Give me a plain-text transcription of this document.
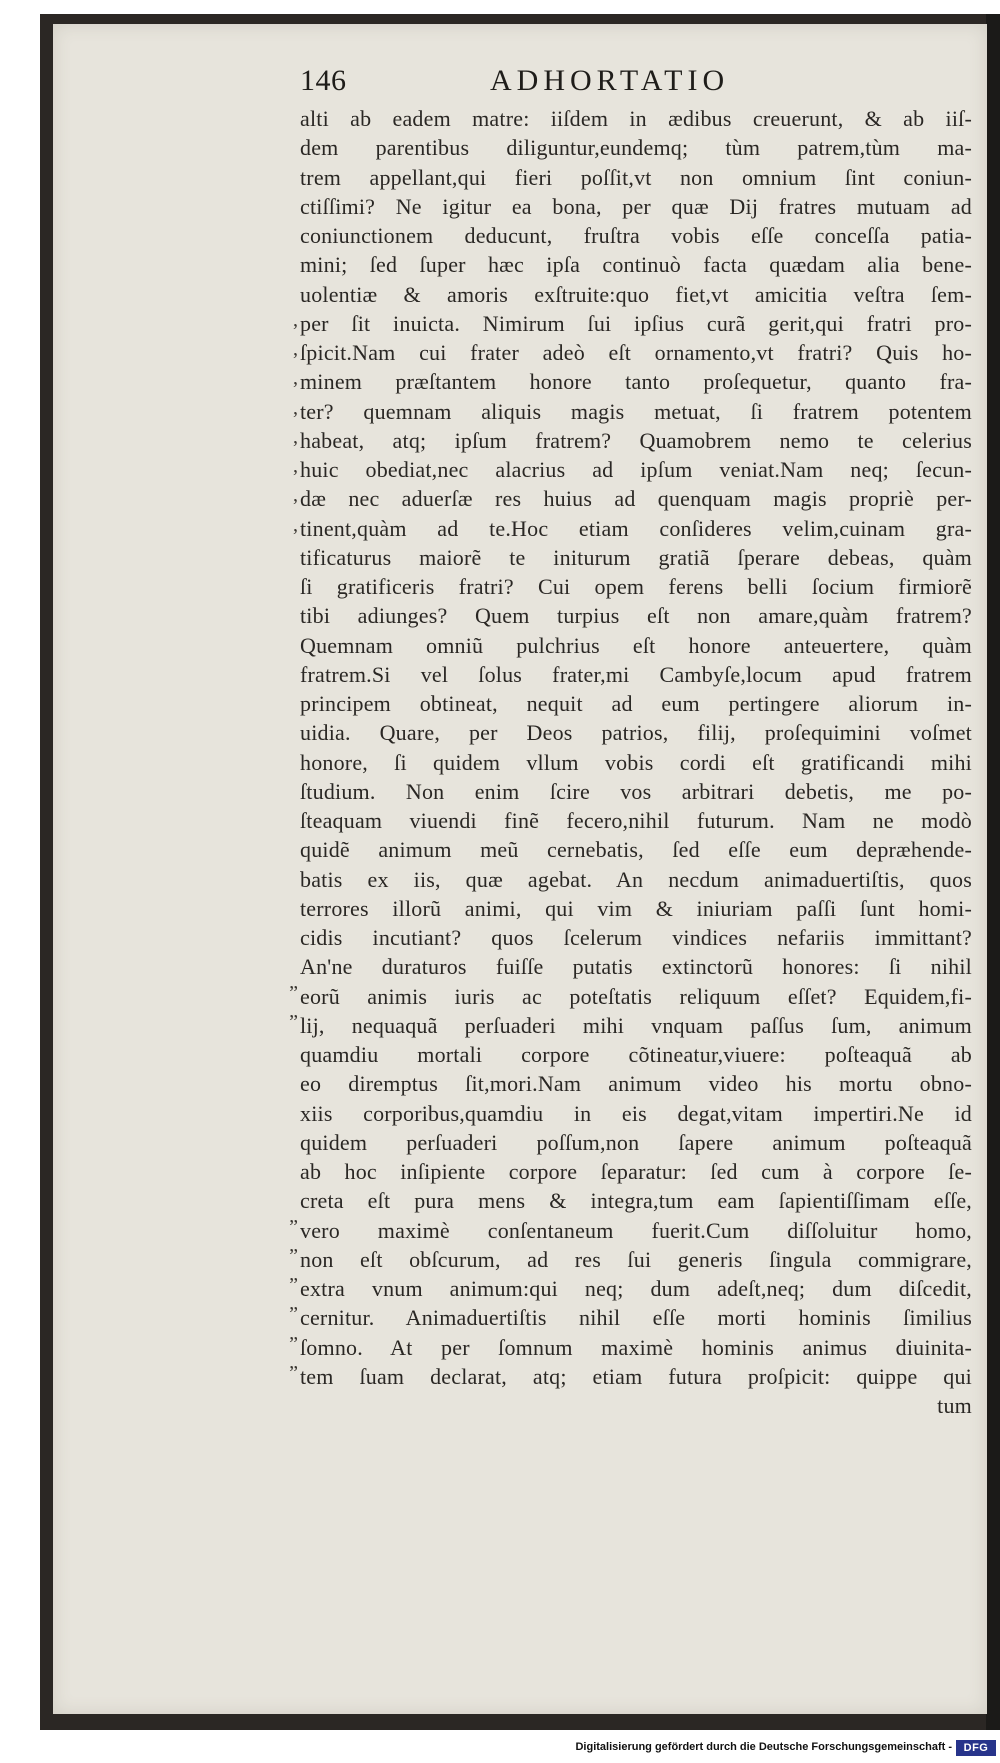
146	ADHORTATIO
,
,
,
,
,
,
,
,
”
”
”
”
”
”
”
”
alti ab eadem matre: iiſdem in ædibus creuerunt, & ab iiſ-
dem parentibus diliguntur,eundemq; tùm patrem,tùm ma-
trem appellant,qui fieri poſſit,vt non omnium ſint coniun-
ctiſſimi? Ne igitur ea bona, per quæ Dij fratres mutuam ad
coniunctionem deducunt, fruſtra vobis eſſe conceſſa patia-
mini; ſed ſuper hæc ipſa continuò facta quædam alia bene-
uolentiæ & amoris exſtruite:quo fiet,vt amicitia veſtra ſem-
per ſit inuicta. Nimirum ſui ipſius curã gerit,qui fratri pro-
ſpicit.Nam cui frater adeò eſt ornamento,vt fratri? Quis ho-
minem præſtantem honore tanto proſequetur, quanto fra-
ter? quemnam aliquis magis metuat, ſi fratrem potentem
habeat, atq; ipſum fratrem? Quamobrem nemo te celerius
huic obediat,nec alacrius ad ipſum veniat.Nam neq; ſecun-
dæ nec aduerſæ res huius ad quenquam magis propriè per-
tinent,quàm ad te.Hoc etiam conſideres velim,cuinam gra-
tificaturus maiorẽ te initurum gratiã ſperare debeas, quàm
ſi gratificeris fratri? Cui opem ferens belli ſocium firmiorẽ
tibi adiunges? Quem turpius eſt non amare,quàm fratrem?
Quemnam omniũ pulchrius eſt honore anteuertere, quàm
fratrem.Si vel ſolus frater,mi Cambyſe,locum apud fratrem
principem obtineat, nequit ad eum pertingere aliorum in-
uidia. Quare, per Deos patrios, filij, proſequimini voſmet
honore, ſi quidem vllum vobis cordi eſt gratificandi mihi
ſtudium. Non enim ſcire vos arbitrari debetis, me po-
ſteaquam viuendi finẽ fecero,nihil futurum. Nam ne modò
quidẽ animum meũ cernebatis, ſed eſſe eum depræhende-
batis ex iis, quæ agebat. An necdum animaduertiſtis, quos
terrores illorũ animi, qui vim & iniuriam paſſi ſunt homi-
cidis incutiant? quos ſcelerum vindices nefariis immittant?
An'ne duraturos fuiſſe putatis extinctorũ honores: ſi nihil
eorũ animis iuris ac poteſtatis reliquum eſſet? Equidem,fi-
lij, nequaquã perſuaderi mihi vnquam paſſus ſum, animum
quamdiu mortali corpore cõtineatur,viuere: poſteaquã ab
eo diremptus ſit,mori.Nam animum video his mortu obno-
xiis corporibus,quamdiu in eis degat,vitam impertiri.Ne id
quidem perſuaderi poſſum,non ſapere animum poſteaquã
ab hoc inſipiente corpore ſeparatur: ſed cum à corpore ſe-
creta eſt pura mens & integra,tum eam ſapientiſſimam eſſe,
vero maximè conſentaneum fuerit.Cum diſſoluitur homo,
non eſt obſcurum, ad res ſui generis ſingula commigrare,
extra vnum animum:qui neq; dum adeſt,neq; dum diſcedit,
cernitur. Animaduertiſtis nihil eſſe morti hominis ſimilius
ſomno. At per ſomnum maximè hominis animus diuinita-
tem ſuam declarat, atq; etiam futura proſpicit: quippe qui
tum
Digitalisierung gefördert durch die Deutsche Forschungsgemeinschaft -	DFG
